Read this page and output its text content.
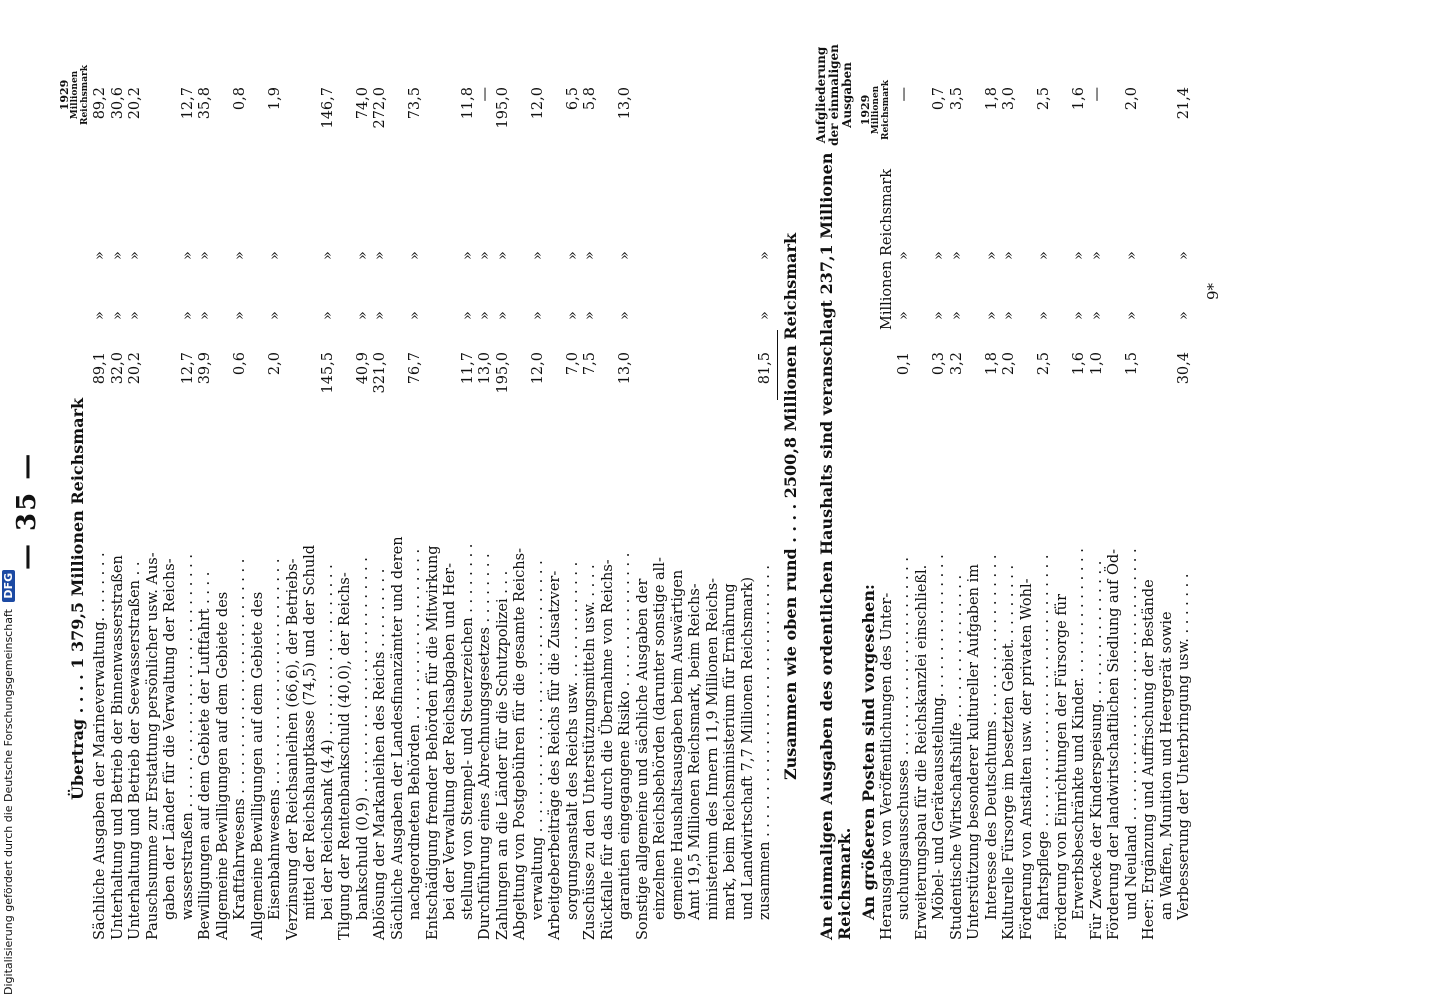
— 35 — Übertrag . . . . 1 379,5 Millionen Reichsmark
1929 Millionen Reichsmark
Sächliche Ausgaben der Marineverwaltung. . . . . . . .
89,1
»
»
89,2
Unterhaltung und Betrieb der Binnenwasserstraßen
32,0
»
»
30,6
Unterhaltung und Betrieb der Seewasserstraßen . .
20,2
»
»
20,2
Pauschsumme zur Erstattung persönlicher usw. Aus- gaben der Länder für die Verwaltung der Reichs- wasserstraßen . . . . . . . . . . . . . . . . . . . . . . . . . . . .
12,7
»
»
12,7
Bewilligungen auf dem Gebiete der Luftfahrt . . . .
39,9
»
»
35,8
Allgemeine Bewilligungen auf dem Gebiete des Kraftfahrwesens . . . . . . . . . . . . . . . . . . . . . . . . . .
0,6
»
»
0,8
Allgemeine Bewilligungen auf dem Gebiete des Eisenbahnwesens . . . . . . . . . . . . . . . . . . . . . . . . .
2,0
»
»
1,9
Verzinsung der Reichsanleihen (66,6), der Betriebs- mittel der Reichshauptkasse (74,5) und der Schuld bei der Reichsbank (4,4) . . . . . . . . . . . . . . . . . . .
145,5
»
»
146,7
Tilgung der Rentenbankschuld (40,0), der Reichs- bankschuld (0,9) . . . . . . . . . . . . . . . . . . . . . . . . . .
40,9
»
»
74,0
Ablösung der Markanleihen des Reichs . . . . . . . . .
321,0
»
»
272,0
Sächliche Ausgaben der Landesfinanzämter und deren nachgeordneten Behörden . . . . . . . . . . . . . . . . . . .
76,7
»
»
73,5
Entschädigung fremder Behörden für die Mitwirkung bei der Verwaltung der Reichsabgaben und Her- stellung von Stempel- und Steuerzeichen . . . . . . . .
11,7
»
»
11,8
Durchführung eines Abrechnungsgesetzes . . . . . . . .
13,0
»
»
—
Zahlungen an die Länder für die Schutzpolizei . . .
195,0
»
»
195,0
Abgeltung von Postgebühren für die gesamte Reichs- verwaltung . . . . . . . . . . . . . . . . . . . . . . . . . . . . . .
12,0
»
»
12,0
Arbeitgeberbeiträge des Reichs für die Zusatzver- sorgungsanstalt des Reichs usw. . . . . . . . . . . . . .
7,0
»
»
6,5
Zuschüsse zu den Unterstützungsmitteln usw. . . . .
7,5
»
»
5,8
Rückfalle für das durch die Übernahme von Reichs- garantien eingegangene Risiko . . . . . . . . . . . . . . .
13,0
»
»
13,0
Sonstige allgemeine und sächliche Ausgaben der einzelnen Reichsbehörden (darunter sonstige all- gemeine Haushaltsausgaben beim Auswärtigen Amt 19,5 Millionen Reichsmark, beim Reichs- ministerium des Innern 11,9 Millionen Reichs- mark, beim Reichsministerium für Ernährung und Landwirtschaft 7,7 Millionen Reichsmark) zusammen . . . . . . . . . . . . . . . . . . . . . . . . . . . . . .
81,5
»
» Zusammen wie oben rund . . . . 2500,8 Millionen Reichsmark An einmaligen Ausgaben des ordentlichen Haushalts sind veranschlagt 237,1 Millionen Reichsmark.
Aufgliederung der einmaligen Ausgaben
An größeren Posten sind vorgesehen:
Millionen Reichsmark
1929 Millionen Reichsmark
Herausgabe von Veröffentlichungen des Unter- suchungsausschusses . . . . . . . . . . . . . . . . . . . . . .
0,1
»
»
—
Erweiterungsbau für die Reichskanzlei einschließl. Möbel- und Geräteausstellung. . . . . . . . . . . . . . . .
0,3
»
»
0,7
Studentische Wirtschaftshilfe . . . . . . . . . . . . . . . .
3,2
»
»
3,5
Unterstützung besonderer kultureller Aufgaben im Interesse des Deutschtums . . . . . . . . . . . . . . . . . .
1,8
»
»
1,8
Kulturelle Fürsorge im besetzten Gebiet. . . . . . . . .
2,0
»
»
3,0
Förderung von Anstalten usw. der privaten Wohl- fahrtspflege . . . . . . . . . . . . . . . . . . . . . . . . . . . . . .
2,5
»
»
2,5
Förderung von Einrichtungen der Fürsorge für Erwerbsbeschränkte und Kinder. . . . . . . . . . . . . . .
1,6
»
»
1,6
Für Zwecke der Kinderspeisung. . . . . . . . . . . . . . . .
1,0
»
»
—
Förderung der landwirtschaftlichen Siedlung auf Öd- und Neuland . . . . . . . . . . . . . . . . . . . . . . . . . . . . . .
1,5
»
»
2,0
Heer: Ergänzung und Auffrischung der Bestände an Waffen, Munition und Heergerät sowie Verbesserung der Unterbringung usw. . . . . . . .
30,4
»
»
21,4
9*
Digitalisierung gefördert durch die Deutsche Forschungsgemeinschaft DFG
